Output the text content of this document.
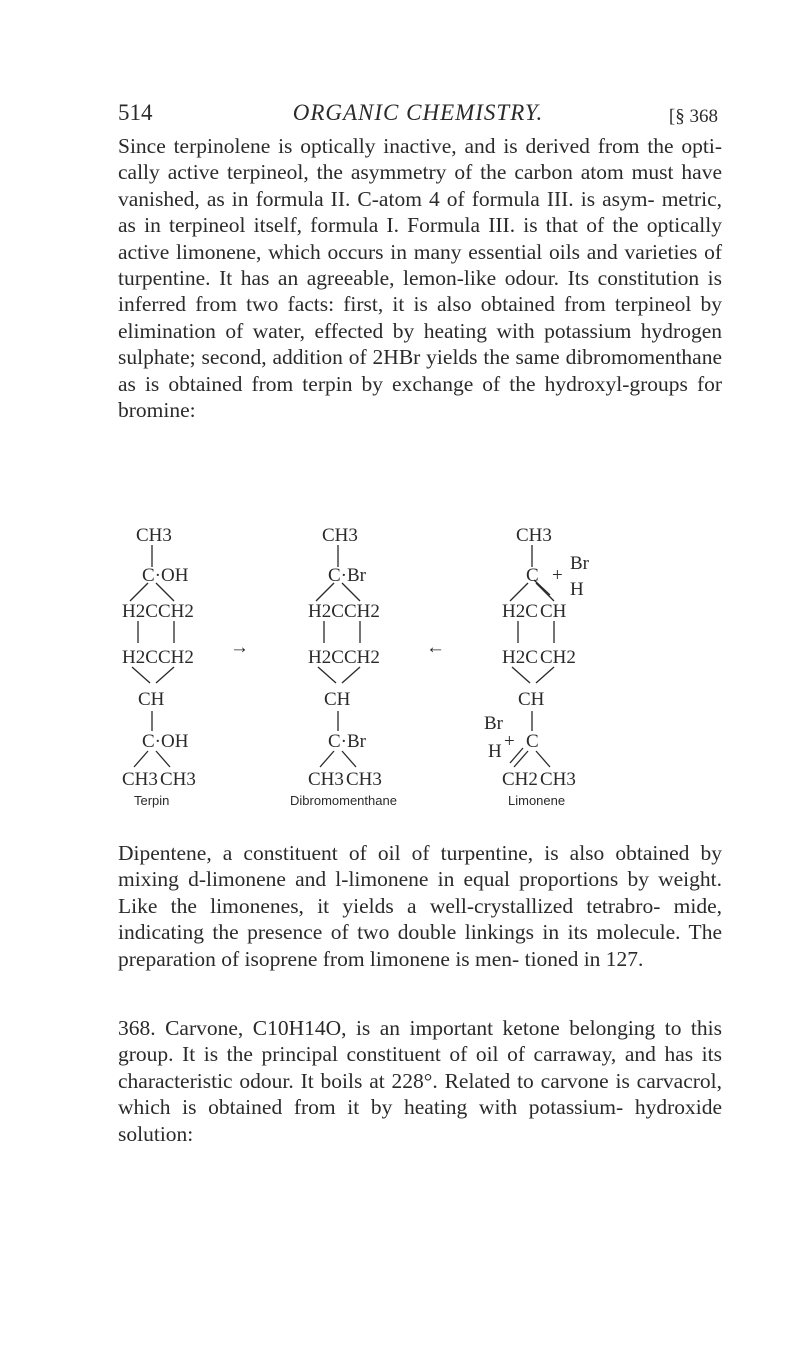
514	ORGANIC CHEMISTRY.	[§ 368
Since terpinolene is optically inactive, and is derived from the opti- cally active terpineol, the asymmetry of the carbon atom must have vanished, as in formula II. C-atom 4 of formula III. is asym- metric, as in terpineol itself, formula I. Formula III. is that of the optically active limonene, which occurs in many essential oils and varieties of turpentine. It has an agreeable, lemon-like odour. Its constitution is inferred from two facts: first, it is also obtained from terpineol by elimination of water, effected by heating with potassium hydrogen sulphate; second, addition of 2HBr yields the same dibromomenthane as is obtained from terpin by exchange of the hydroxyl-groups for bromine:
CH3
C·OH
H2C CH2
H2C CH2
CH
C·OH
CH3 CH3
Terpin
→	←
CH3
C·Br
H2C CH2
H2C CH2
CH
C·Br
CH3 CH3
Dibromomenthane
CH3
C +
Br
H
H2C CH
H2C CH2
CH
Br
H + C
CH2 CH3
Limonene
Dipentene, a constituent of oil of turpentine, is also obtained by mixing d-limonene and l-limonene in equal proportions by weight. Like the limonenes, it yields a well-crystallized tetrabro- mide, indicating the presence of two double linkings in its molecule. The preparation of isoprene from limonene is men- tioned in 127.
368. Carvone, C10H14O, is an important ketone belonging to this group. It is the principal constituent of oil of carraway, and has its characteristic odour. It boils at 228°. Related to carvone is carvacrol, which is obtained from it by heating with potassium- hydroxide solution:
